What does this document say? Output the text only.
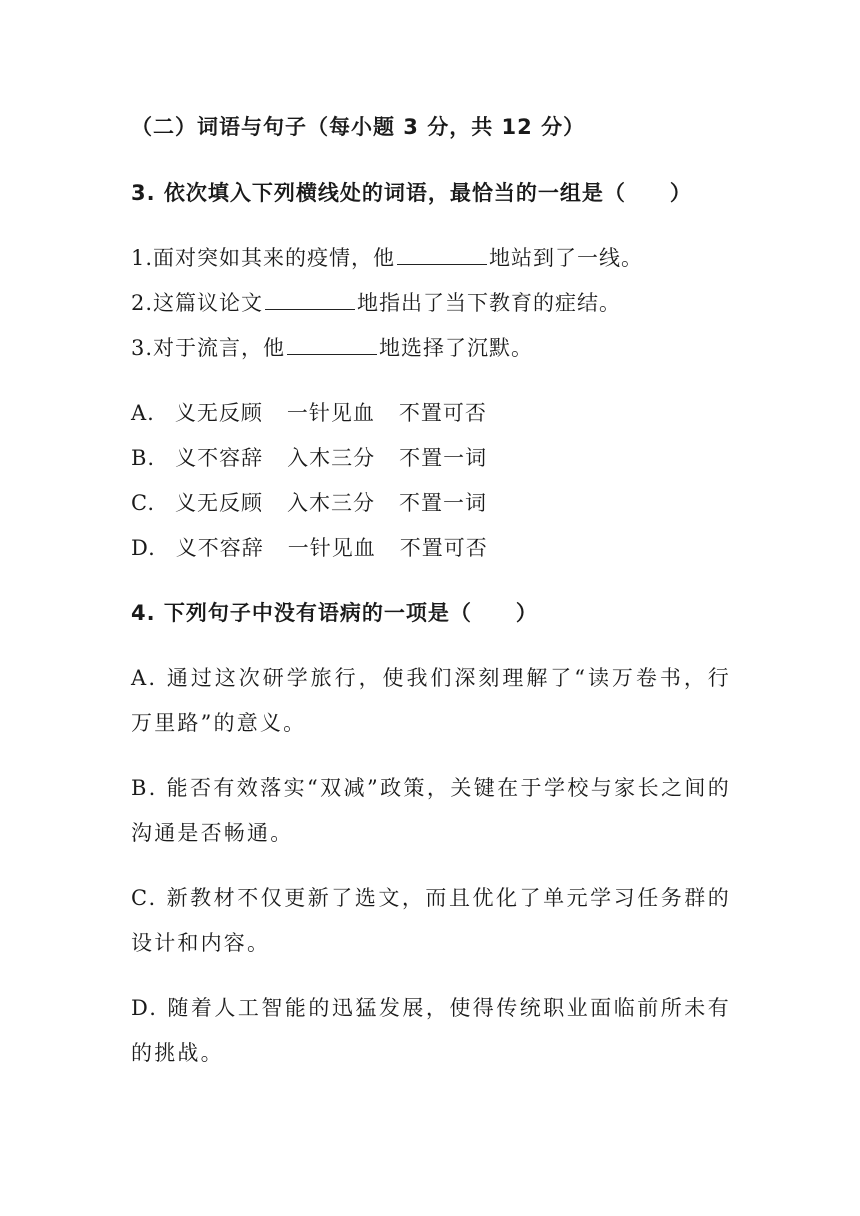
（二）词语与句子（每小题 3 分，共 12 分）
3. 依次填入下列横线处的词语，最恰当的一组是（　　）
1.面对突如其来的疫情，他	地站到了一线。
2.这篇议论文	地指出了当下教育的症结。
3.对于流言，他	地选择了沉默。
A. 义无反顾 一针见血 不置可否
B. 义不容辞 入木三分 不置一词
C. 义无反顾 入木三分 不置一词
D. 义不容辞 一针见血 不置可否
4. 下列句子中没有语病的一项是（　　）
A. 通过这次研学旅行，使我们深刻理解了“读万卷书，行万里路”的意义。
B. 能否有效落实“双减”政策，关键在于学校与家长之间的沟通是否畅通。
C. 新教材不仅更新了选文，而且优化了单元学习任务群的设计和内容。
D. 随着人工智能的迅猛发展，使得传统职业面临前所未有的挑战。
